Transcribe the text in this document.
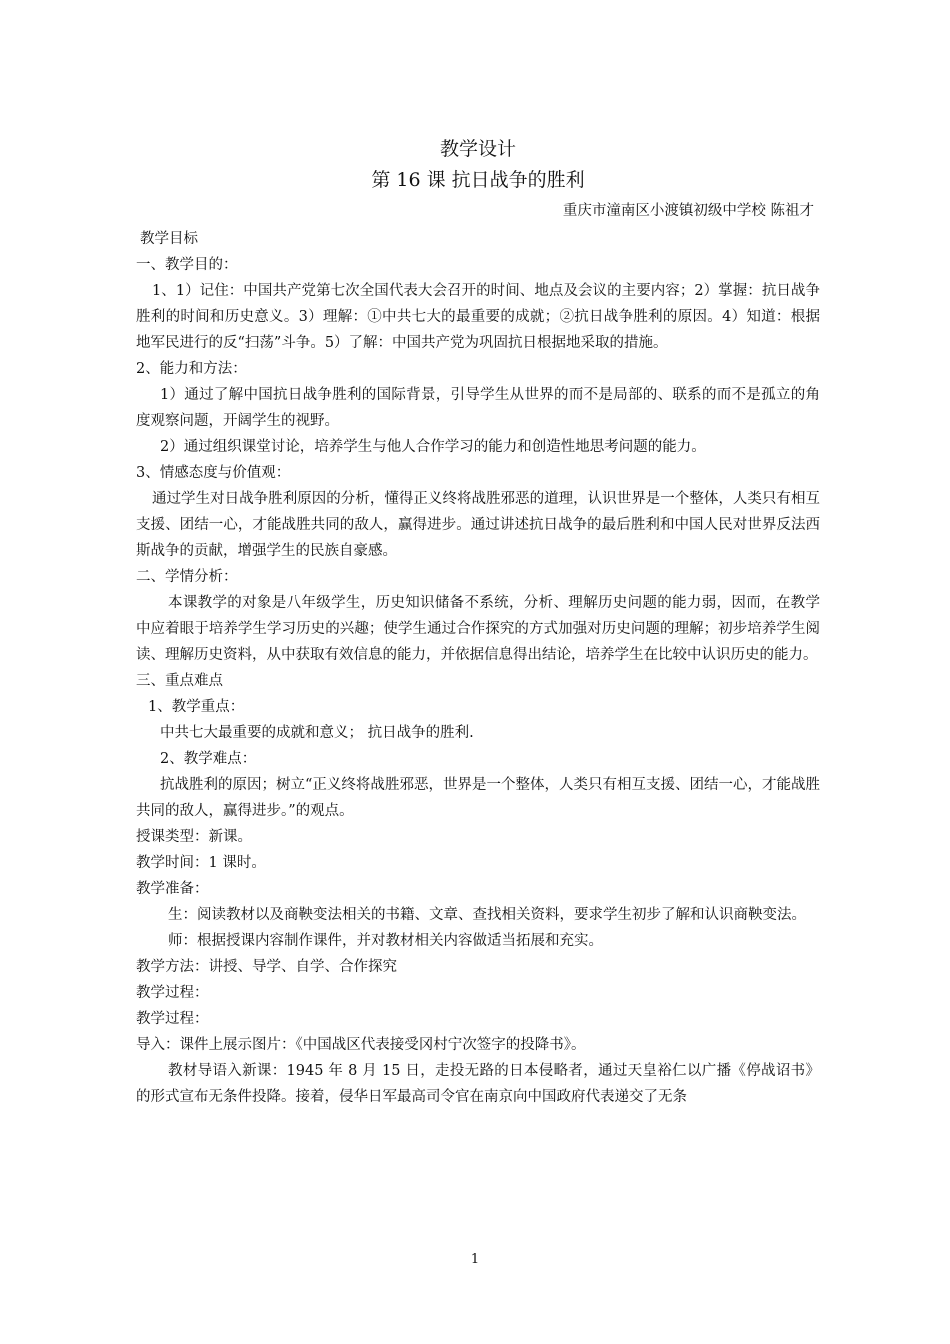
教学设计
第 16 课 抗日战争的胜利
重庆市潼南区小渡镇初级中学校 陈祖才

教学目标

一、教学目的：

1、1）记住：中国共产党第七次全国代表大会召开的时间、地点及会议的主要内容；2）掌握：抗日战争胜利的时间和历史意义。3）理解：①中共七大的最重要的成就；②抗日战争胜利的原因。4）知道：根据地军民进行的反“扫荡”斗争。5）了解：中国共产党为巩固抗日根据地采取的措施。

2、能力和方法：

1）通过了解中国抗日战争胜利的国际背景，引导学生从世界的而不是局部的、联系的而不是孤立的角度观察问题，开阔学生的视野。

2）通过组织课堂讨论，培养学生与他人合作学习的能力和创造性地思考问题的能力。

3、情感态度与价值观：

通过学生对日战争胜利原因的分析，懂得正义终将战胜邪恶的道理，认识世界是一个整体，人类只有相互支援、团结一心，才能战胜共同的敌人，赢得进步。通过讲述抗日战争的最后胜利和中国人民对世界反法西斯战争的贡献，增强学生的民族自豪感。

二、学情分析：

本课教学的对象是八年级学生，历史知识储备不系统，分析、理解历史问题的能力弱，因而，在教学中应着眼于培养学生学习历史的兴趣；使学生通过合作探究的方式加强对历史问题的理解；初步培养学生阅读、理解历史资料，从中获取有效信息的能力，并依据信息得出结论，培养学生在比较中认识历史的能力。

三、重点难点

1、教学重点：

中共七大最重要的成就和意义； 抗日战争的胜利.

2、教学难点：

抗战胜利的原因；树立“正义终将战胜邪恶，世界是一个整体，人类只有相互支援、团结一心，才能战胜共同的敌人，赢得进步。”的观点。

授课类型：新课。

教学时间：1 课时。

教学准备：

生：阅读教材以及商鞅变法相关的书籍、文章、查找相关资料，要求学生初步了解和认识商鞅变法。

师：根据授课内容制作课件，并对教材相关内容做适当拓展和充实。

教学方法：讲授、导学、自学、合作探究

教学过程：

教学过程：

导入：课件上展示图片：《中国战区代表接受冈村宁次签字的投降书》。

教材导语入新课：1945 年 8 月 15 日，走投无路的日本侵略者，通过天皇裕仁以广播《停战诏书》的形式宣布无条件投降。接着，侵华日军最高司令官在南京向中国政府代表递交了无条

1
